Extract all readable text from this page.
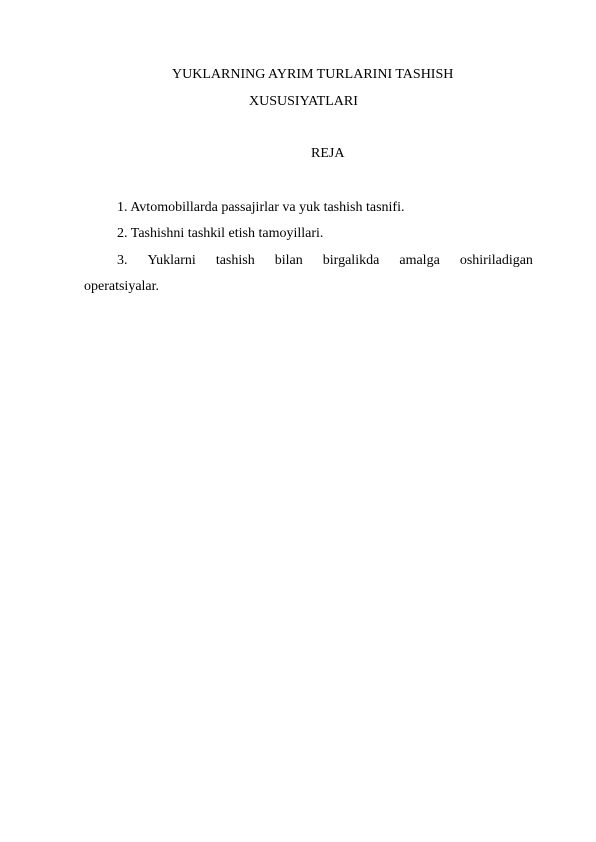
YUKLARNING AYRIM TURLARINI TASHISH
XUSUSIYATLARI
REJA
1. Avtomobillarda passajirlar va yuk tashish tasnifi.
2. Tashishni tashkil etish tamoyillari.
3. Yuklarni tashish bilan birgalikda amalga oshiriladigan
operatsiyalar.
